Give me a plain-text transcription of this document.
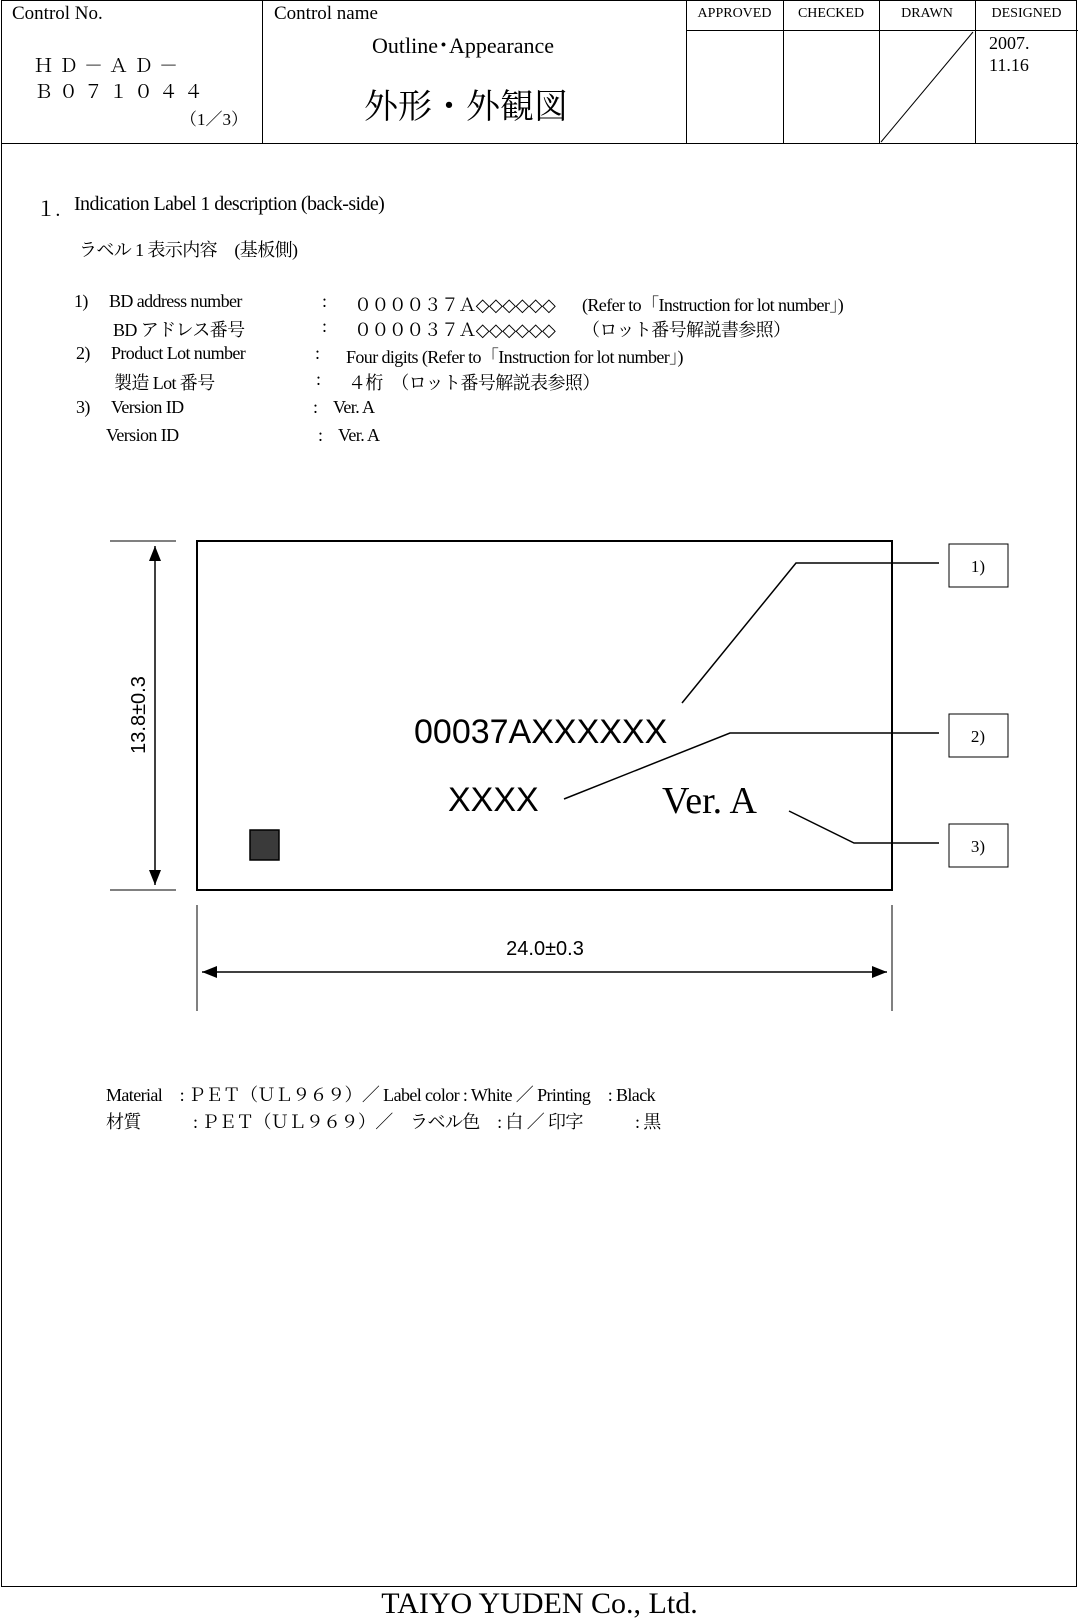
Control No.
ＨＤ－ＡＤ－
Ｂ０７１０４４
（1／3）
Control name
Outline･Appearance
外形・外観図
APPROVED	CHECKED	DRAWN	DESIGNED
2007.
11.16
１. Indication Label 1 description (back-side)
ラベル 1 表示内容　(基板側)
1) BD address number	: ００００３７Ａ◇◇◇◇◇◇ (Refer to「Instruction for lot number」)
BD アドレス番号	: ００００３７Ａ◇◇◇◇◇◇ （ロット番号解説書参照）
2) Product Lot number	: Four digits (Refer to「Instruction for lot number」)
製造 Lot 番号	: ４桁　（ロット番号解説表参照）
3) Version ID	: Ver. A
Version ID	: Ver. A
13.8±0.3
24.0±0.3
00037AXXXXXX
XXXX	Ver. A
1)
2)
3)
Material　: ＰＥＴ（ＵＬ９６９）／ Label color : White ／ Printing　: Black
材質　　　: ＰＥＴ（ＵＬ９６９）／　ラベル色　: 白 ／ 印字　　　: 黒
TAIYO YUDEN Co., Ltd.
